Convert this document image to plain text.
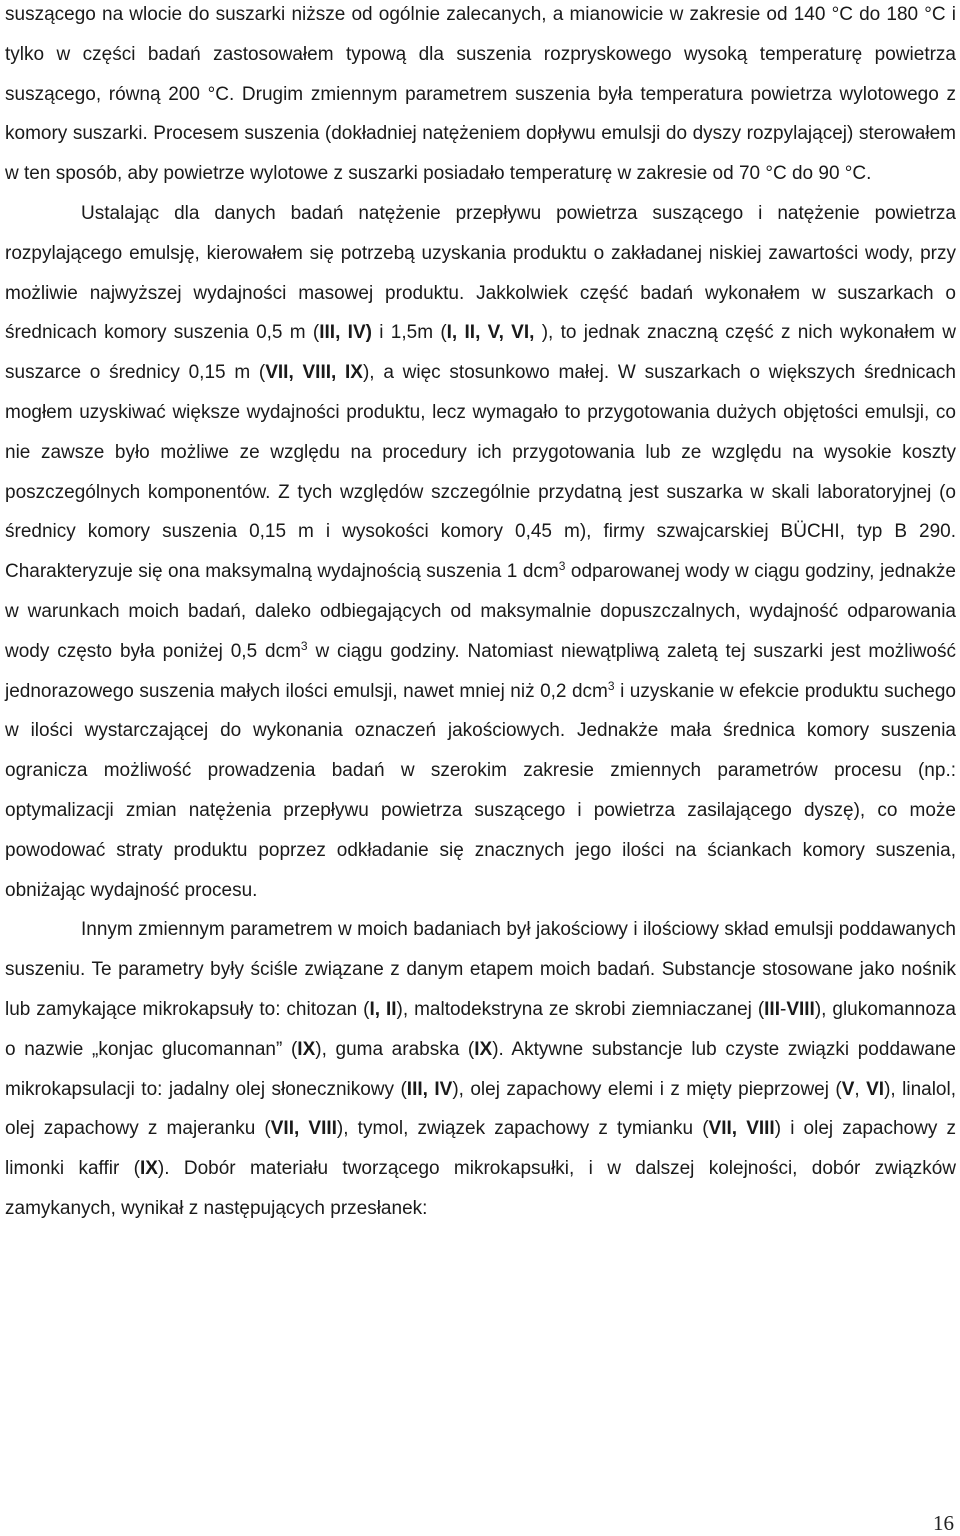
suszącego na wlocie do suszarki niższe od ogólnie zalecanych, a mianowicie w zakresie od 140 °C do 180 °C i tylko w części badań zastosowałem typową dla suszenia rozpryskowego wysoką temperaturę powietrza suszącego, równą 200 °C. Drugim zmiennym parametrem suszenia była temperatura powietrza wylotowego z komory suszarki. Procesem suszenia (dokładniej natężeniem dopływu emulsji do dyszy rozpylającej) sterowałem w ten sposób, aby powietrze wylotowe z suszarki posiadało temperaturę w zakresie od 70 °C do 90 °C.

Ustalając dla danych badań natężenie przepływu powietrza suszącego i natężenie powietrza rozpylającego emulsję, kierowałem się potrzebą uzyskania produktu o zakładanej niskiej zawartości wody, przy możliwie najwyższej wydajności masowej produktu. Jakkolwiek część badań wykonałem w suszarkach o średnicach komory suszenia 0,5 m (III, IV) i 1,5m (I, II, V, VI, ), to jednak znaczną część z nich wykonałem w suszarce o średnicy 0,15 m (VII, VIII, IX), a więc stosunkowo małej. W suszarkach o większych średnicach mogłem uzyskiwać większe wydajności produktu, lecz wymagało to przygotowania dużych objętości emulsji, co nie zawsze było możliwe ze względu na procedury ich przygotowania lub ze względu na wysokie koszty poszczególnych komponentów. Z tych względów szczególnie przydatną jest suszarka w skali laboratoryjnej (o średnicy komory suszenia 0,15 m i wysokości komory 0,45 m), firmy szwajcarskiej BÜCHI, typ B 290. Charakteryzuje się ona maksymalną wydajnością suszenia 1 dcm$^3$ odparowanej wody w ciągu godziny, jednakże w warunkach moich badań, daleko odbiegających od maksymalnie dopuszczalnych, wydajność odparowania wody często była poniżej 0,5 dcm$^3$ w ciągu godziny. Natomiast niewątpliwą zaletą tej suszarki jest możliwość jednorazowego suszenia małych ilości emulsji, nawet mniej niż 0,2 dcm$^3$ i uzyskanie w efekcie produktu suchego w ilości wystarczającej do wykonania oznaczeń jakościowych. Jednakże mała średnica komory suszenia ogranicza możliwość prowadzenia badań w szerokim zakresie zmiennych parametrów procesu (np.: optymalizacji zmian natężenia przepływu powietrza suszącego i powietrza zasilającego dyszę), co może powodować straty produktu poprzez odkładanie się znacznych jego ilości na ściankach komory suszenia, obniżając wydajność procesu.

Innym zmiennym parametrem w moich badaniach był jakościowy i ilościowy skład emulsji poddawanych suszeniu. Te parametry były ściśle związane z danym etapem moich badań. Substancje stosowane jako nośnik lub zamykające mikrokapsuły to: chitozan (I, II), maltodekstryna ze skrobi ziemniaczanej (III-VIII), glukomannoza o nazwie „konjac glucomannan” (IX), guma arabska (IX). Aktywne substancje lub czyste związki poddawane mikrokapsulacji to: jadalny olej słonecznikowy (III, IV), olej zapachowy elemi i z mięty pieprzowej (V, VI), linalol, olej zapachowy z majeranku (VII, VIII), tymol, związek zapachowy z tymianku (VII, VIII) i olej zapachowy z limonki kaffir (IX). Dobór materiału tworzącego mikrokapsułki, i w dalszej kolejności, dobór związków zamykanych, wynikał z następujących przesłanek:

16
